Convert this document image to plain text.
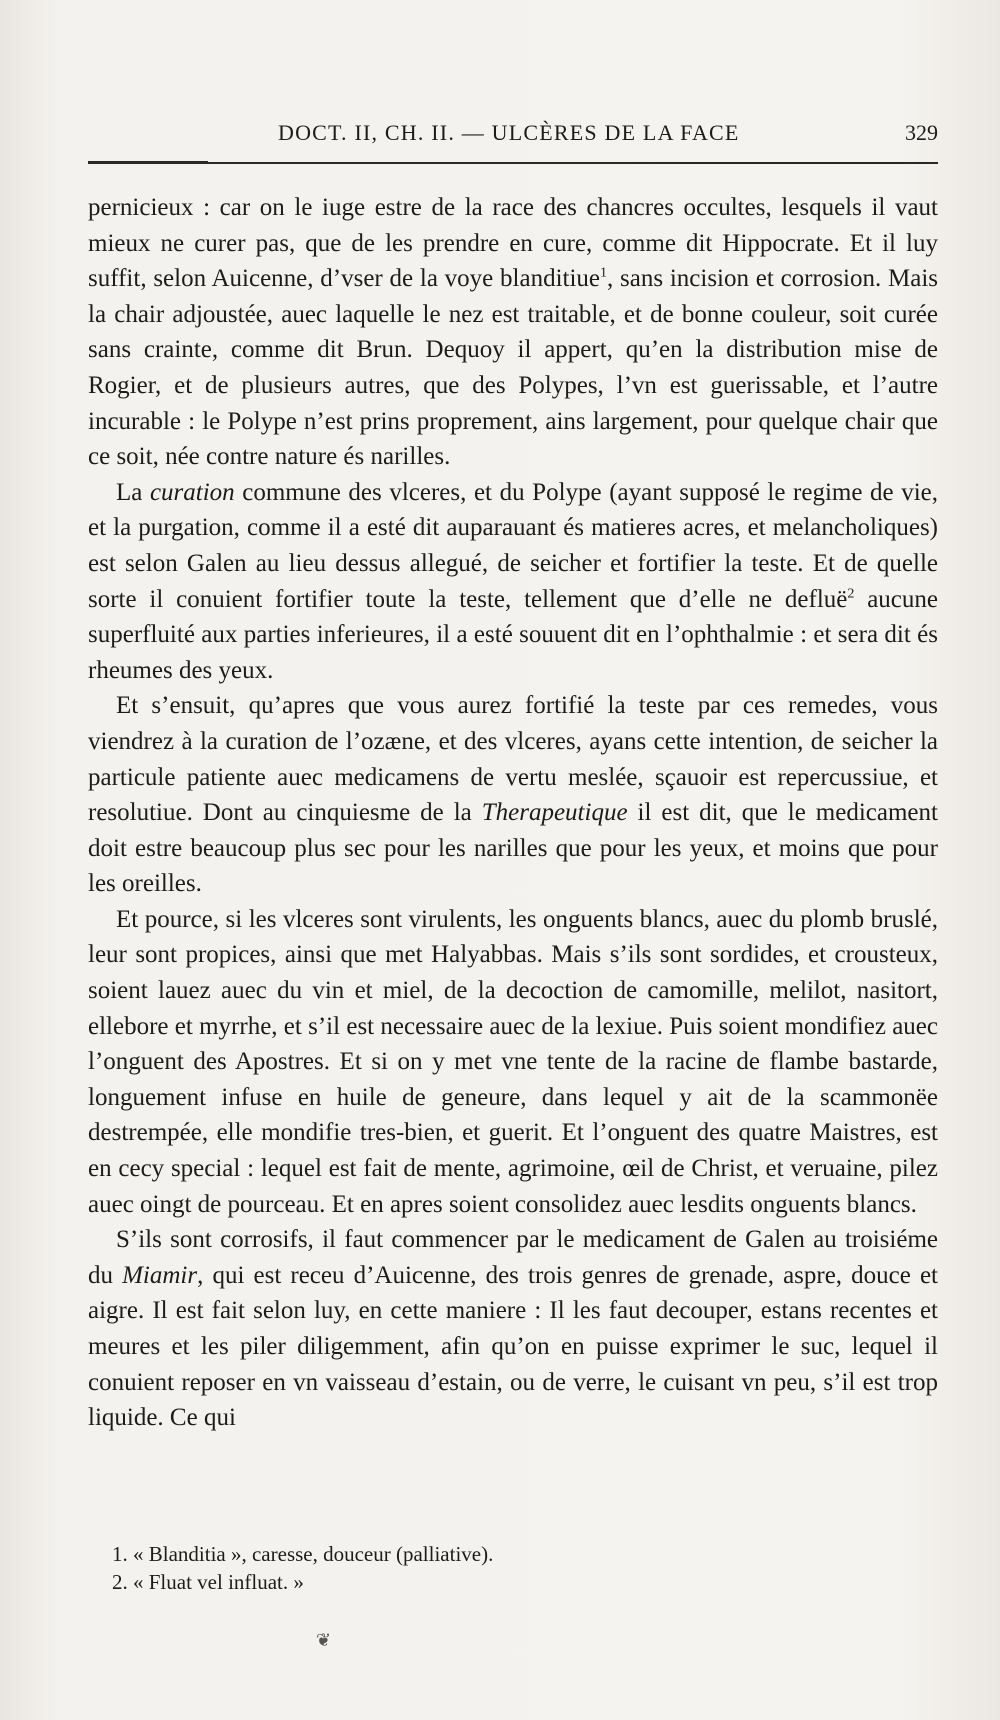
DOCT. II, CH. II. — ULCÈRES DE LA FACE	329

pernicieux : car on le iuge estre de la race des chancres occultes, lesquels il vaut mieux ne curer pas, que de les prendre en cure, comme dit Hippocrate. Et il luy suffit, selon Auicenne, d’vser de la voye blanditiue$^1$, sans incision et corrosion. Mais la chair adjoustée, auec laquelle le nez est traitable, et de bonne couleur, soit curée sans crainte, comme dit Brun. Dequoy il appert, qu’en la distribution mise de Rogier, et de plusieurs autres, que des Polypes, l’vn est guerissable, et l’autre incurable : le Polype n’est prins proprement, ains largement, pour quelque chair que ce soit, née contre nature és narilles.

La curation commune des vlceres, et du Polype (ayant supposé le regime de vie, et la purgation, comme il a esté dit auparauant és matieres acres, et melancholiques) est selon Galen au lieu dessus allegué, de seicher et fortifier la teste. Et de quelle sorte il conuient fortifier toute la teste, tellement que d’elle ne defluë$^2$ aucune superfluité aux parties inferieures, il a esté souuent dit en l’ophthalmie : et sera dit és rheumes des yeux.

Et s’ensuit, qu’apres que vous aurez fortifié la teste par ces remedes, vous viendrez à la curation de l’ozæne, et des vlceres, ayans cette intention, de seicher la particule patiente auec medicamens de vertu meslée, sçauoir est repercussiue, et resolutiue. Dont au cinquiesme de la Therapeutique il est dit, que le medicament doit estre beaucoup plus sec pour les narilles que pour les yeux, et moins que pour les oreilles.

Et pource, si les vlceres sont virulents, les onguents blancs, auec du plomb bruslé, leur sont propices, ainsi que met Halyabbas. Mais s’ils sont sordides, et crousteux, soient lauez auec du vin et miel, de la decoction de camomille, melilot, nasitort, ellebore et myrrhe, et s’il est necessaire auec de la lexiue. Puis soient mondifiez auec l’onguent des Apostres. Et si on y met vne tente de la racine de flambe bastarde, longuement infuse en huile de geneure, dans lequel y ait de la scammonëe destrempée, elle mondifie tres-bien, et guerit. Et l’onguent des quatre Maistres, est en cecy special : lequel est fait de mente, agrimoine, œil de Christ, et veruaine, pilez auec oingt de pourceau. Et en apres soient consolidez auec lesdits onguents blancs.

S’ils sont corrosifs, il faut commencer par le medicament de Galen au troisiéme du Miamir, qui est receu d’Auicenne, des trois genres de grenade, aspre, douce et aigre. Il est fait selon luy, en cette maniere : Il les faut decouper, estans recentes et meures et les piler diligemment, afin qu’on en puisse exprimer le suc, lequel il conuient reposer en vn vaisseau d’estain, ou de verre, le cuisant vn peu, s’il est trop liquide. Ce qui

1. « Blanditia », caresse, douceur (palliative).

2. « Fluat vel influat. »

❦
